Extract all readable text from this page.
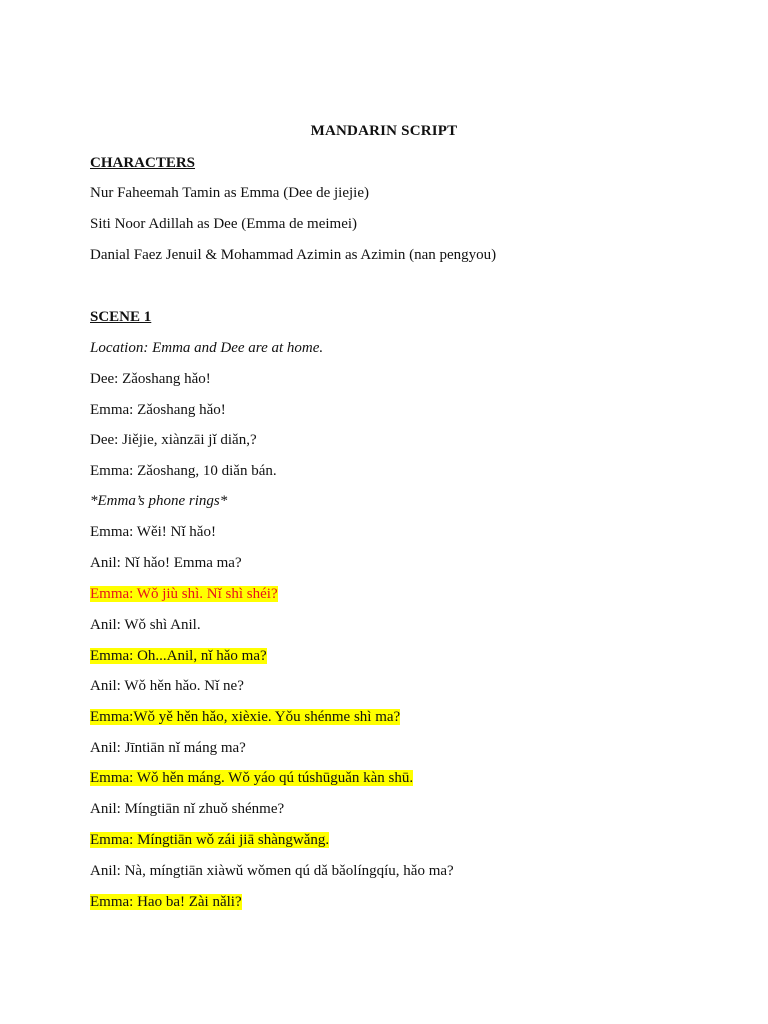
MANDARIN SCRIPT
CHARACTERS
Nur Faheemah Tamin as Emma (Dee de jiejie)
Siti Noor Adillah as Dee (Emma de meimei)
Danial Faez Jenuil & Mohammad Azimin as Azimin (nan pengyou)
SCENE 1
Location: Emma and Dee are at home.
Dee: Zǎoshang hǎo!
Emma: Zǎoshang hǎo!
Dee: Jiějie, xiànzāi jǐ diǎn,?
Emma: Zǎoshang, 10 diǎn bán.
*Emma’s phone rings*
Emma: Wěi! Nǐ hǎo!
Anil: Nǐ hǎo! Emma ma?
Emma: Wǒ jiù shì. Nǐ shì shéi?
Anil: Wǒ shì Anil.
Emma: Oh...Anil, nǐ hǎo ma?
Anil: Wǒ hěn hǎo. Nǐ ne?
Emma:Wǒ yě hěn hǎo, xièxie. Yǒu shénme shì ma?
Anil: Jīntiān nǐ máng ma?
Emma: Wǒ hěn máng. Wǒ yáo qú túshūguǎn kàn shū.
Anil: Míngtiān nǐ zhuǒ shénme?
Emma: Míngtiān wǒ zái jiā shàngwǎng.
Anil: Nà, míngtiān xiàwǔ wǒmen qú dǎ bǎolíngqíu, hǎo ma?
Emma: Hao ba! Zài nǎli?
